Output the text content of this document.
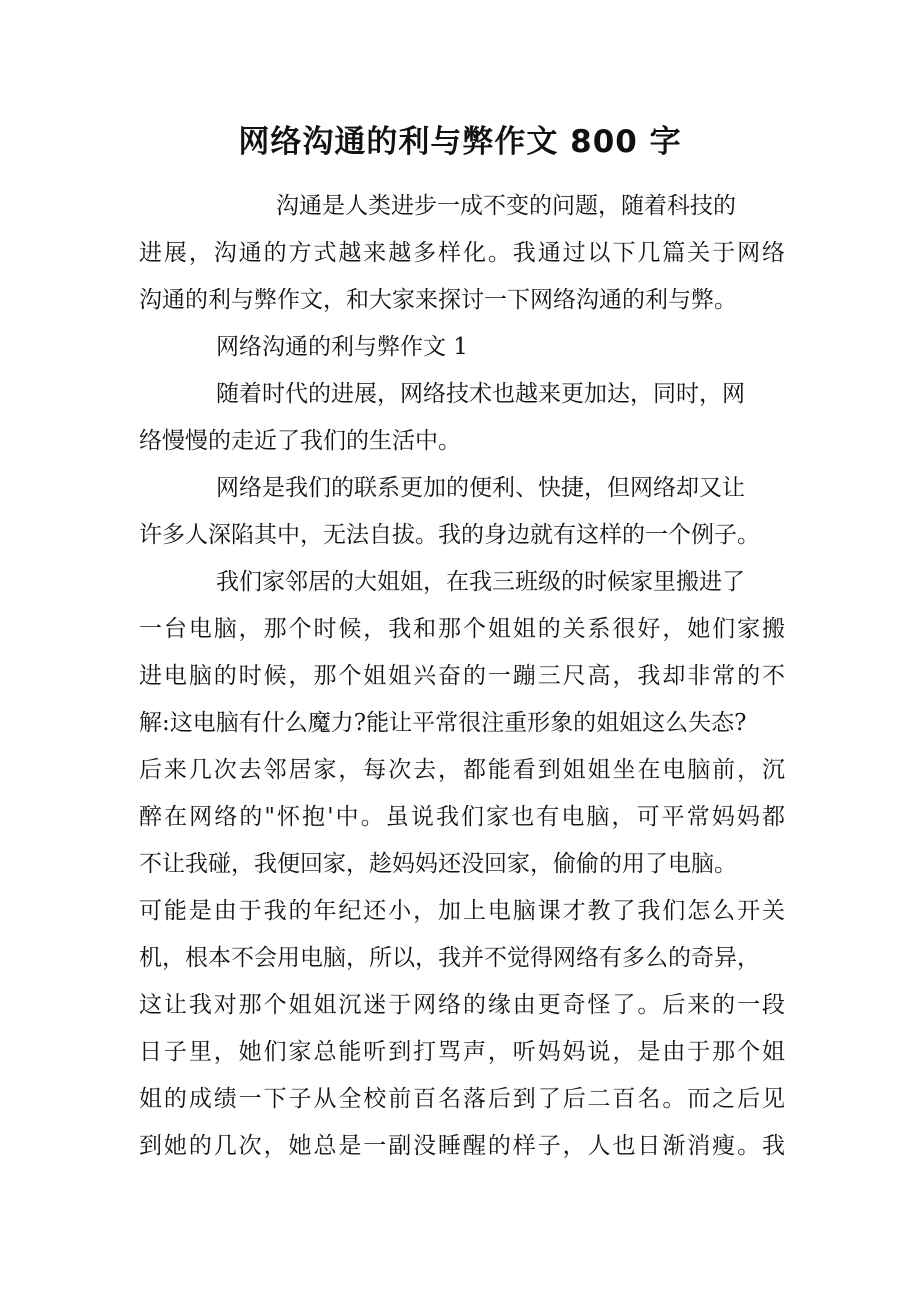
网络沟通的利与弊作文 800 字
沟通是人类进步一成不变的问题，随着科技的
进展，沟通的方式越来越多样化。我通过以下几篇关于网络
沟通的利与弊作文，和大家来探讨一下网络沟通的利与弊。
网络沟通的利与弊作文 1
随着时代的进展，网络技术也越来更加达，同时，网
络慢慢的走近了我们的生活中。
网络是我们的联系更加的便利、快捷，但网络却又让
许多人深陷其中，无法自拔。我的身边就有这样的一个例子。
我们家邻居的大姐姐，在我三班级的时候家里搬进了
一台电脑，那个时候，我和那个姐姐的关系很好，她们家搬
进电脑的时候，那个姐姐兴奋的一蹦三尺高，我却非常的不
解:这电脑有什么魔力?能让平常很注重形象的姐姐这么失态?
后来几次去邻居家，每次去，都能看到姐姐坐在电脑前，沉
醉在网络的"怀抱'中。虽说我们家也有电脑，可平常妈妈都
不让我碰，我便回家，趁妈妈还没回家，偷偷的用了电脑。
可能是由于我的年纪还小，加上电脑课才教了我们怎么开关
机，根本不会用电脑，所以，我并不觉得网络有多么的奇异，
这让我对那个姐姐沉迷于网络的缘由更奇怪了。后来的一段
日子里，她们家总能听到打骂声，听妈妈说，是由于那个姐
姐的成绩一下子从全校前百名落后到了后二百名。而之后见
到她的几次，她总是一副没睡醒的样子，人也日渐消瘦。我
